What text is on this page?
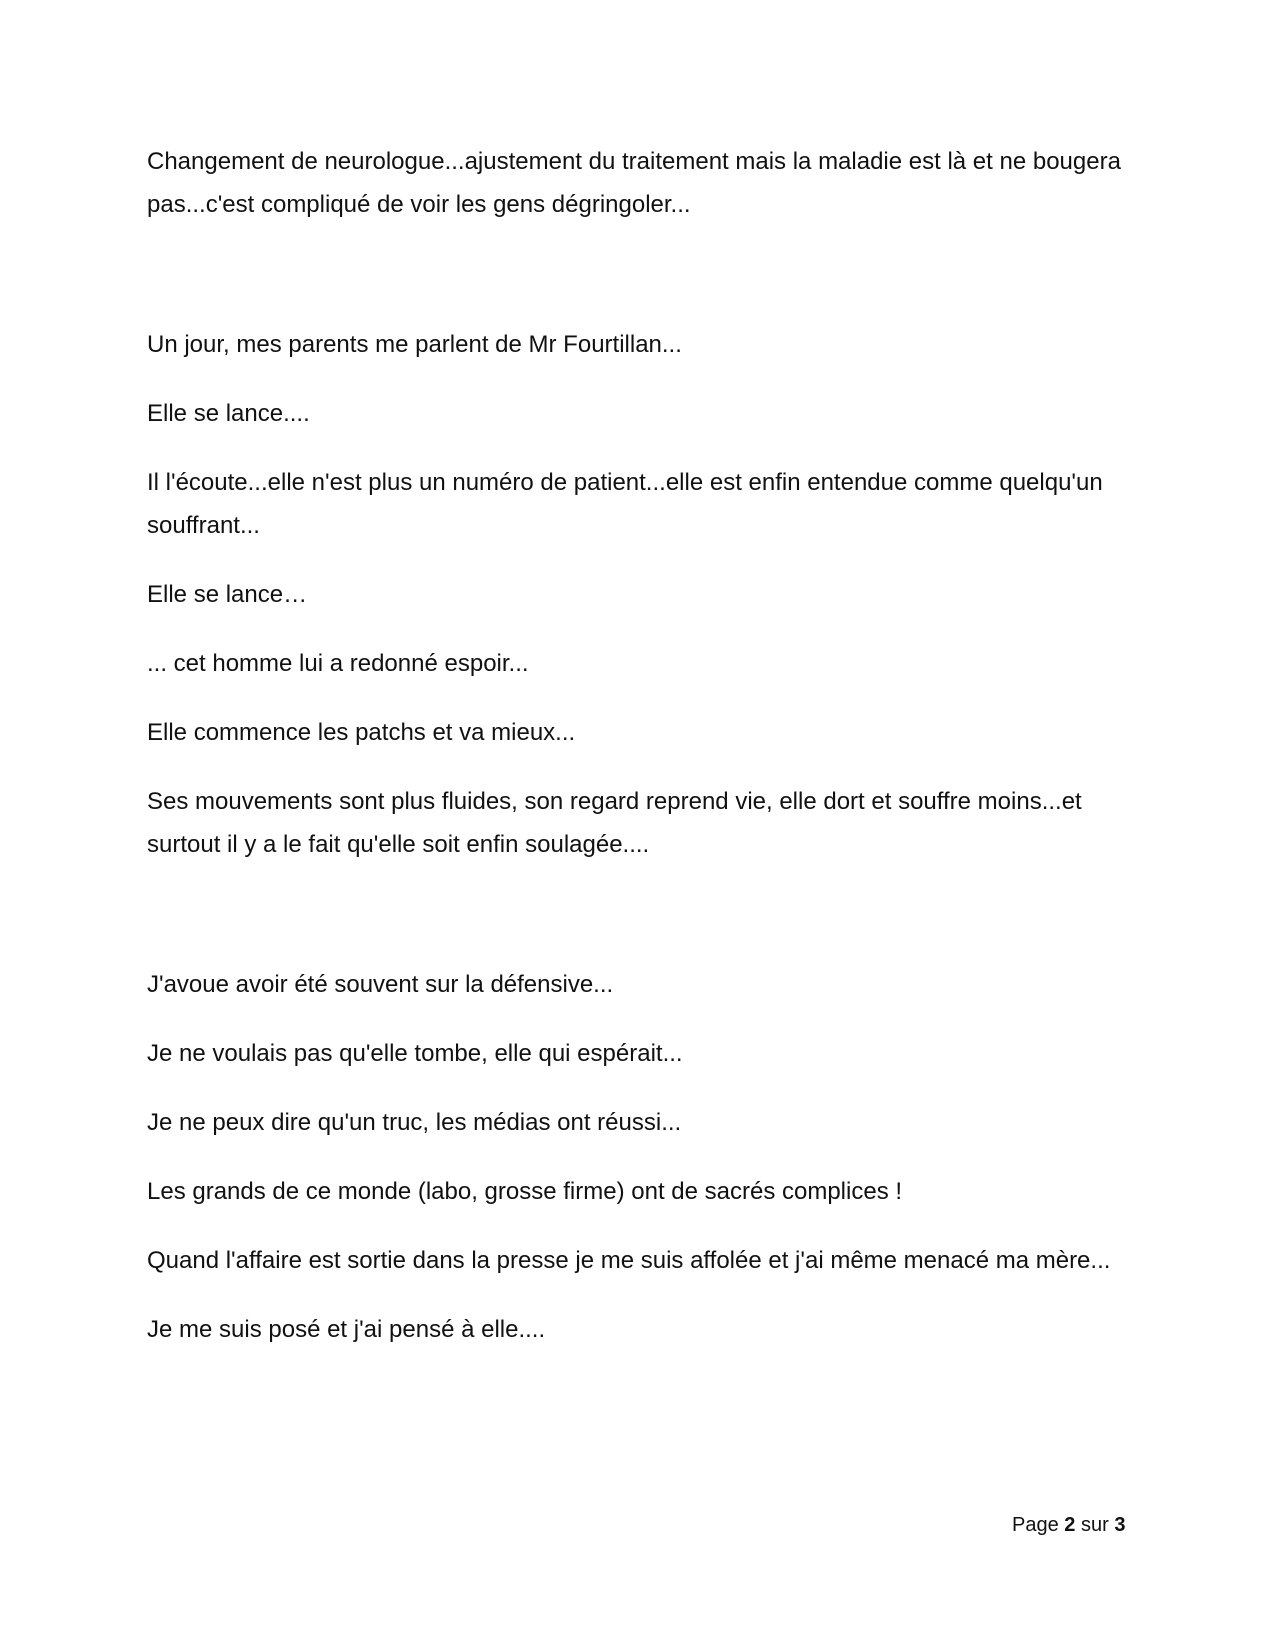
Changement de neurologue...ajustement du traitement mais la maladie est là et ne bougera pas...c'est compliqué de voir les gens dégringoler...

Un jour, mes parents me parlent de Mr Fourtillan...

Elle se lance....

Il l'écoute...elle n'est plus un numéro de patient...elle est enfin entendue comme quelqu'un souffrant...

Elle se lance…

... cet homme lui a redonné espoir...

Elle commence les patchs et va mieux...

Ses mouvements sont plus fluides, son regard reprend vie, elle dort et souffre moins...et surtout il y a le fait qu'elle soit enfin soulagée....

J'avoue avoir été souvent sur la défensive...

Je ne voulais pas qu'elle tombe, elle qui espérait...

Je ne peux dire qu'un truc, les médias ont réussi...

Les grands de ce monde (labo, grosse firme) ont de sacrés complices !

Quand l'affaire est sortie dans la presse je me suis affolée et j'ai même menacé ma mère...

Je me suis posé et j'ai pensé à elle....

Page 2 sur 3
